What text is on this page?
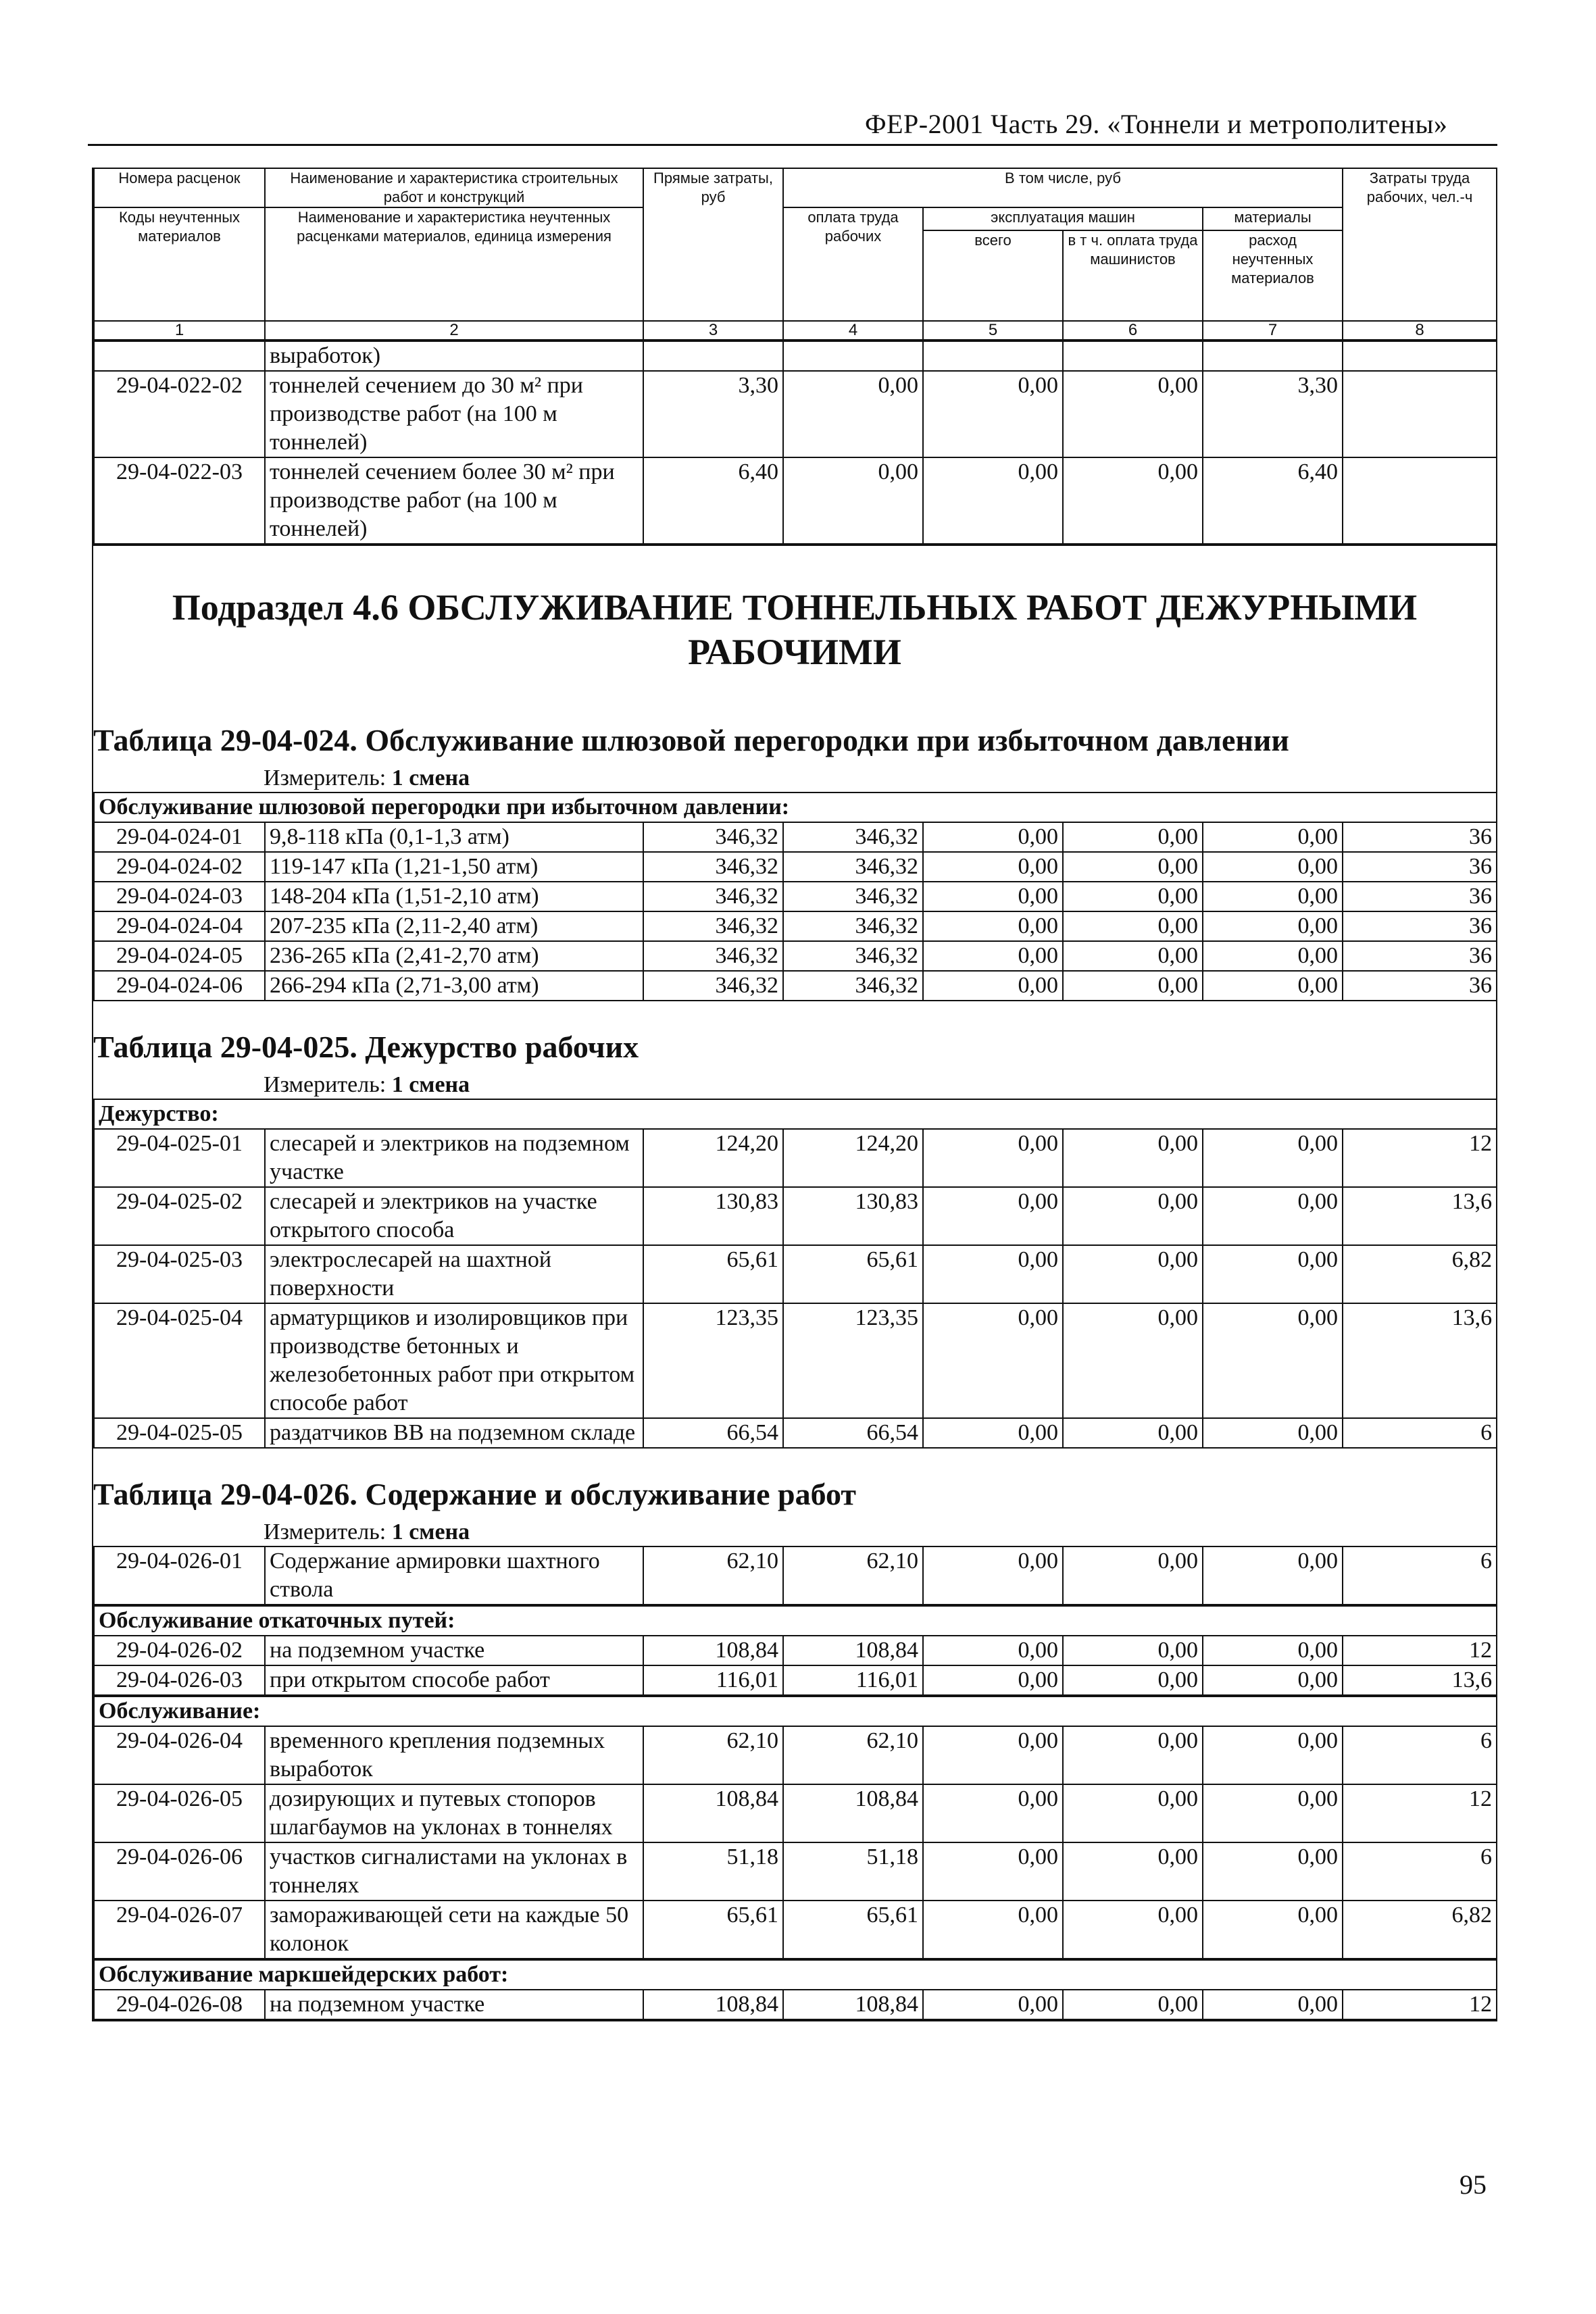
ФЕР-2001 Часть 29. «Тоннели и метрополитены»
Номера расценок	Наименование и характеристика строительных работ и конструкций	Прямые затраты, руб	В том числе, руб				Затраты труда рабочих, чел.-ч
Коды неучтенных материалов	Наименование и характеристика неучтенных расценками материалов, единица измерения		оплата труда рабочих	эксплуатация машин		материалы	
				всего	в т ч. оплата труда машинистов	расход неучтенных материалов	
1	2	3	4	5	6	7	8
	выработок)						
29-04-022-02	тоннелей сечением до 30 м² при производстве работ (на 100 м тоннелей)	3,30	0,00	0,00	0,00	3,30	
29-04-022-03	тоннелей сечением более 30 м² при производстве работ (на 100 м тоннелей)	6,40	0,00	0,00	0,00	6,40	
Подраздел 4.6 ОБСЛУЖИВАНИЕ ТОННЕЛЬНЫХ РАБОТ ДЕЖУРНЫМИ РАБОЧИМИ
Таблица 29-04-024. Обслуживание шлюзовой перегородки при избыточном давлении
Измеритель: 1 смена
Обслуживание шлюзовой перегородки при избыточном давлении:							
29-04-024-01	9,8-118 кПа (0,1-1,3 атм)	346,32	346,32	0,00	0,00	0,00	36
29-04-024-02	119-147 кПа (1,21-1,50 атм)	346,32	346,32	0,00	0,00	0,00	36
29-04-024-03	148-204 кПа (1,51-2,10 атм)	346,32	346,32	0,00	0,00	0,00	36
29-04-024-04	207-235 кПа (2,11-2,40 атм)	346,32	346,32	0,00	0,00	0,00	36
29-04-024-05	236-265 кПа (2,41-2,70 атм)	346,32	346,32	0,00	0,00	0,00	36
29-04-024-06	266-294 кПа (2,71-3,00 атм)	346,32	346,32	0,00	0,00	0,00	36
Таблица 29-04-025. Дежурство рабочих
Измеритель: 1 смена
Дежурство:							
29-04-025-01	слесарей и электриков на подземном участке	124,20	124,20	0,00	0,00	0,00	12
29-04-025-02	слесарей и электриков на участке открытого способа	130,83	130,83	0,00	0,00	0,00	13,6
29-04-025-03	электрослесарей на шахтной поверхности	65,61	65,61	0,00	0,00	0,00	6,82
29-04-025-04	арматурщиков и изолировщиков при производстве бетонных и железобетонных работ при открытом способе работ	123,35	123,35	0,00	0,00	0,00	13,6
29-04-025-05	раздатчиков ВВ на подземном складе	66,54	66,54	0,00	0,00	0,00	6
Таблица 29-04-026. Содержание и обслуживание работ
Измеритель: 1 смена
29-04-026-01	Содержание армировки шахтного ствола	62,10	62,10	0,00	0,00	0,00	6
Обслуживание откаточных путей:							
29-04-026-02	на подземном участке	108,84	108,84	0,00	0,00	0,00	12
29-04-026-03	при открытом способе работ	116,01	116,01	0,00	0,00	0,00	13,6
Обслуживание:							
29-04-026-04	временного крепления подземных выработок	62,10	62,10	0,00	0,00	0,00	6
29-04-026-05	дозирующих и путевых стопоров шлагбаумов на уклонах в тоннелях	108,84	108,84	0,00	0,00	0,00	12
29-04-026-06	участков сигналистами на уклонах в тоннелях	51,18	51,18	0,00	0,00	0,00	6
29-04-026-07	замораживающей сети на каждые 50 колонок	65,61	65,61	0,00	0,00	0,00	6,82
Обслуживание маркшейдерских работ:
29-04-026-08	на подземном участке	108,84	108,84	0,00	0,00	0,00	12
95
